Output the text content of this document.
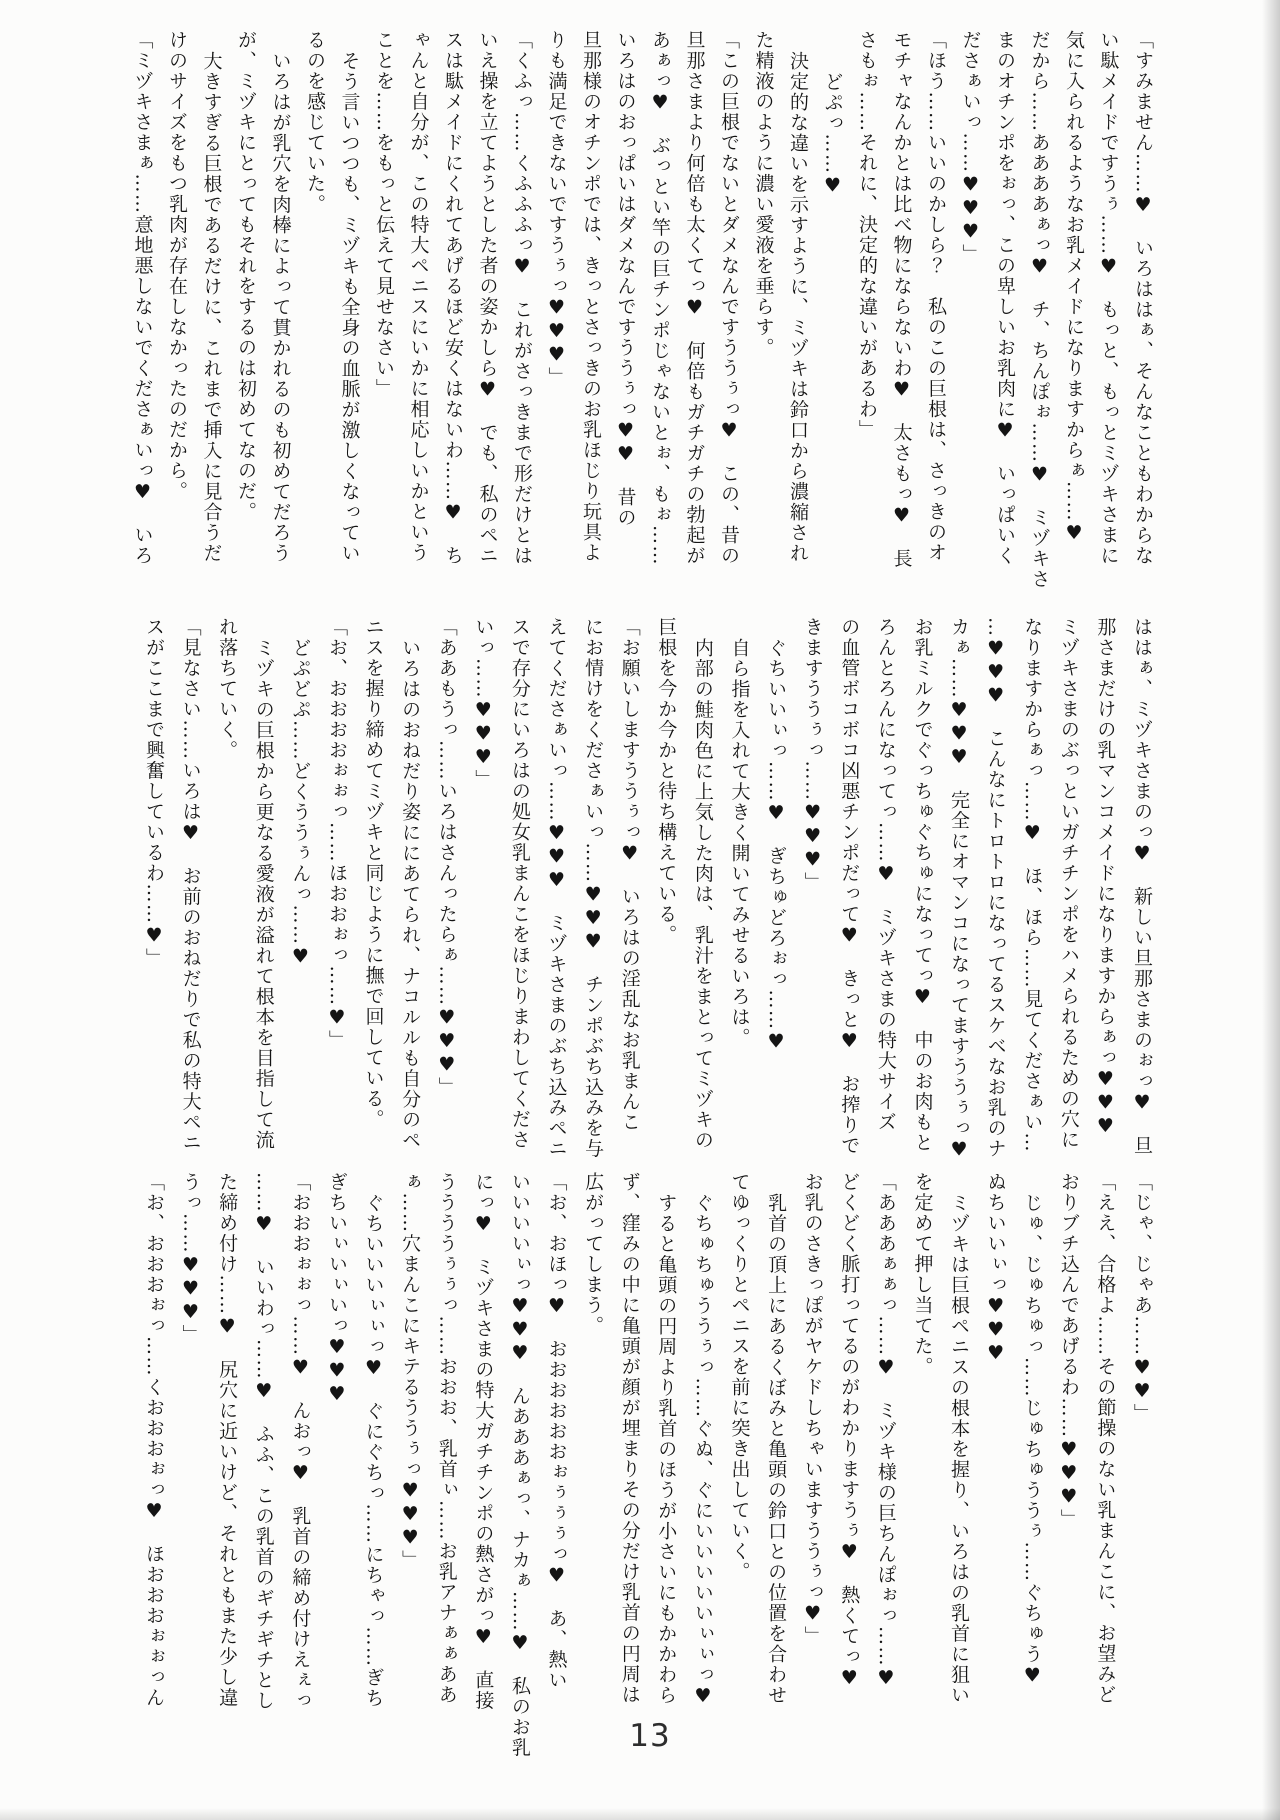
「すみません……♥　いろははぁ、そんなこともわからな

い駄メイドですうぅ……♥　もっと、もっとミヅキさまに

気に入られるようなお乳メイドになりますからぁ……♥

だから……ああああぁっ♥　チ、ちんぽぉ……♥　ミヅキさ

まのオチンポをぉっ、この卑しいお乳肉に♥　いっぱいく

ださぁいっ……♥♥♥」

「ほう……いいのかしら？　私のこの巨根は、さっきのオ

モチャなんかとは比べ物にならないわ♥　太さもっ♥　長

さもぉ……それに、決定的な違いがあるわ」

どぷっ……♥

決定的な違いを示すように、ミヅキは鈴口から濃縮され

た精液のように濃い愛液を垂らす。

「この巨根でないとダメなんですううぅっ♥　この、昔の

旦那さまより何倍も太くてっ♥　何倍もガチガチの勃起が

あぁっ♥　ぶっとい竿の巨チンポじゃないとぉ、もぉ……

いろはのおっぱいはダメなんですううぅっ♥♥　昔の

旦那様のオチンポでは、きっとさっきのお乳ほじり玩具よ

りも満足できないですうぅっ♥♥♥」

「くふっ……くふふふっ♥　これがさっきまで形だけとは

いえ操を立てようとした者の姿かしら♥　でも、私のペニ

スは駄メイドにくれてあげるほど安くはないわ……♥　ち

ゃんと自分が、この特大ペニスにいかに相応しいかという

ことを……をもっと伝えて見せなさい」

そう言いつつも、ミヅキも全身の血脈が激しくなってい

るのを感じていた。

いろはが乳穴を肉棒によって貫かれるのも初めてだろう

が、ミヅキにとってもそれをするのは初めてなのだ。

大きすぎる巨根であるだけに、これまで挿入に見合うだ

けのサイズをもつ乳肉が存在しなかったのだから。

「ミヅキさまぁ……意地悪しないでくださぁいっ♥　いろ

ははぁ、ミヅキさまのっ♥　新しい旦那さまのぉっ♥　旦

那さまだけの乳マンコメイドになりますからぁっ♥♥♥

ミヅキさまのぶっといガチチンポをハメられるための穴に

なりますからぁっ……♥　ほ、ほら……見てくださぁい…

…♥♥♥　こんなにトロトロになってるスケベなお乳のナ

カぁ……♥♥♥　完全にオマンコになってますううぅっ♥

お乳ミルクでぐっちゅぐちゅになってっ♥　中のお肉もと

ろんとろんになってっ……♥　ミヅキさまの特大サイズ

の血管ボコボコ凶悪チンポだって♥　きっと♥　お搾りで

きますううぅっ……♥♥♥」

ぐちいいぃっ……♥　ぎちゅどろぉっ……♥

自ら指を入れて大きく開いてみせるいろは。

内部の鮭肉色に上気した肉は、乳汁をまとってミヅキの

巨根を今か今かと待ち構えている。

「お願いしますううぅっ♥　いろはの淫乱なお乳まんこ

にお情けをくださぁいっ……♥♥♥　チンポぶち込みを与

えてくださぁいっ……♥♥♥　ミヅキさまのぶち込みペニ

スで存分にいろはの処女乳まんこをほじりまわしてくださ

いっ……♥♥♥」

「ああもうっ……いろはさんったらぁ……♥♥♥」

いろはのおねだり姿ににあてられ、ナコルルも自分のペ

ニスを握り締めてミヅキと同じように撫で回している。

「お、おおおおぉぉっ……ほおおぉっ……♥」

どぷどぷ……どくううぅんっ……♥

ミヅキの巨根から更なる愛液が溢れて根本を目指して流

れ落ちていく。

「見なさい……いろは♥　お前のおねだりで私の特大ペニ

スがここまで興奮しているわ……♥」

「じゃ、じゃあ……♥♥」

「ええ、合格よ……その節操のない乳まんこに、お望みど

おりブチ込んであげるわ……♥♥♥」

じゅ、じゅちゅっ……じゅちゅううぅ……ぐちゅう♥

ぬちいいぃっ♥♥♥

ミヅキは巨根ペニスの根本を握り、いろはの乳首に狙い

を定めて押し当てた。

「あああぁぁっ……♥　ミヅキ様の巨ちんぽぉっ……♥

どくどく脈打ってるのがわかりますうぅ♥　熱くてっ♥

お乳のさきっぽがヤケドしちゃいますううぅっ♥」

乳首の頂上にあるくぼみと亀頭の鈴口との位置を合わせ

てゆっくりとペニスを前に突き出していく。

ぐちゅちゅううぅっ……ぐぬ、ぐにいいいいいぃぃっ♥

すると亀頭の円周より乳首のほうが小さいにもかかわら

ず、窪みの中に亀頭が顔が埋まりその分だけ乳首の円周は

広がってしまう。

「お、おほっ♥　おおおおおおぉぅぅぅっ♥　あ、熱い

いいいいぃっ♥♥♥　んあああぁっ、ナカぁ……♥　私のお乳

にっ♥　ミヅキさまの特大ガチチンポの熱さがっ♥　直接

ううううぅぅっ……おおお、乳首ぃ……お乳アナぁぁああ

ぁ……穴まんこにキテるううぅっ♥♥♥」

ぐちいいいぃぃっ♥　ぐにぐちっ……にちゃっ……ぎち

ぎちいぃいぃいっ♥♥♥

「おおおぉぉっ……♥　んおっ♥　乳首の締め付けえぇっ

……♥　いいわっ……♥　ふふ、この乳首のギチギチとし

た締め付け……♥　尻穴に近いけど、それともまた少し違

うっ……♥♥♥」

「お、おおおぉっ……くおおおぉっ♥　ほおおおぉぉっん

13
